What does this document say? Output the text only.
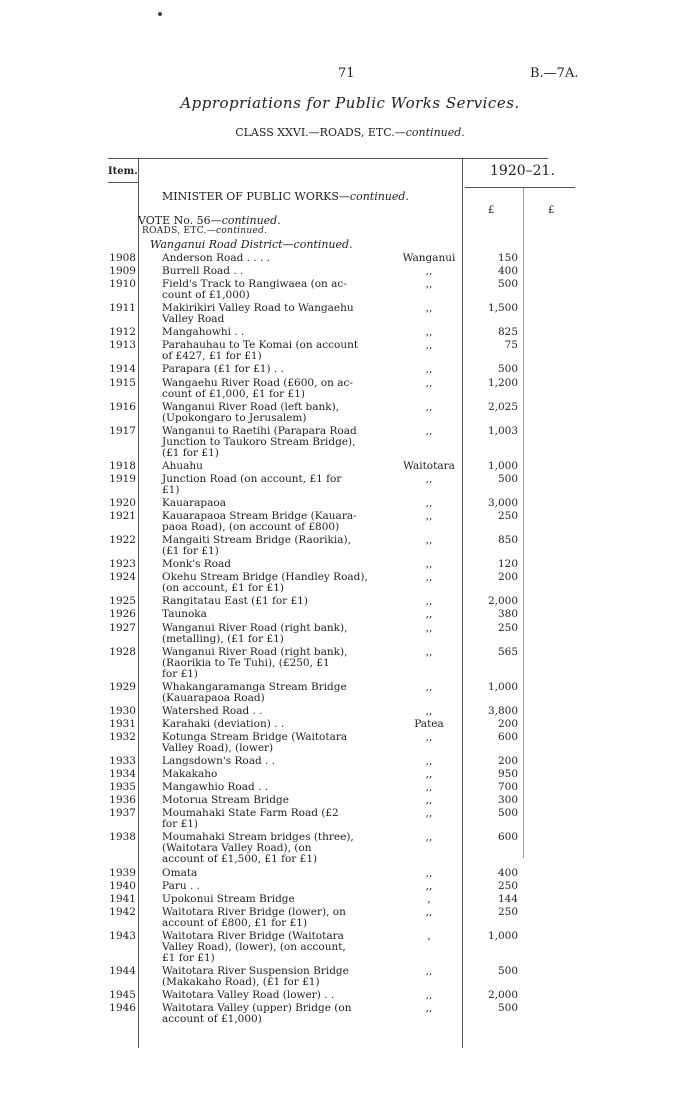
71	B.—7A.
Appropriations for Public Works Services.
CLASS XXVI.—ROADS, ETC.—continued.
Item.	1920–21.
£	£
MINISTER OF PUBLIC WORKS—continued.
VOTE No. 56—continued.
ROADS, ETC.—continued.
Wanganui Road District—continued.
1908 Anderson Road . . . .	Wanganui	150
1909 Burrell Road . .	,,	400
1910 Field's Track to Rangiwaea (on ac-
count of £1,000)
,,	500
1911 Makirikiri Valley Road to Wangaehu
Valley Road
,,	1,500
1912 Mangahowhi . .	,,	825
1913 Parahauhau to Te Komai (on account
of £427, £1 for £1)
,,	75
1914 Parapara (£1 for £1) . .	,,	500
1915 Wangaehu River Road (£600, on ac-
count of £1,000, £1 for £1)
,,	1,200
1916 Wanganui River Road (left bank),
(Upokongaro to Jerusalem)
,,	2,025
1917 Wanganui to Raetihi (Parapara Road
Junction to Taukoro Stream Bridge),
(£1 for £1)
,,	1,003
1918 Ahuahu	Waitotara	1,000
1919 Junction Road (on account, £1 for
£1)
,,	500
1920 Kauarapaoa	,,	3,000
1921 Kauarapaoa Stream Bridge (Kauara-
paoa Road), (on account of £800)
,,	250
1922 Mangaiti Stream Bridge (Raorikia),
(£1 for £1)
,,	850
1923 Monk's Road	,,	120
1924 Okehu Stream Bridge (Handley Road),
(on account, £1 for £1)
,,	200
1925 Rangitatau East (£1 for £1)	,,	2,000
1926 Taunoka	,,	380
1927 Wanganui River Road (right bank),
(metalling), (£1 for £1)
,,	250
1928 Wanganui River Road (right bank),
(Raorikia to Te Tuhi), (£250, £1
for £1)
,,	565
1929 Whakangaramanga Stream Bridge
(Kauarapaoa Road)
,,	1,000
1930 Watershed Road . .	,,	3,800
1931 Karahaki (deviation) . .	Patea	200
1932 Kotunga Stream Bridge (Waitotara
Valley Road), (lower)
,,	600
1933 Langsdown's Road . .	,,	200
1934 Makakaho	,,	950
1935 Mangawhio Road . .	,,	700
1936 Motorua Stream Bridge	,,	300
1937 Moumahaki State Farm Road (£2
for £1)
,,	500
1938 Moumahaki Stream bridges (three),
(Waitotara Valley Road), (on
account of £1,500, £1 for £1)
,,	600
1939 Omata	,,	400
1940 Paru . .	,,	250
1941 Upokonui Stream Bridge	,	144
1942 Waitotara River Bridge (lower), on
account of £800, £1 for £1)
,,	250
1943 Waitotara River Bridge (Waitotara
Valley Road), (lower), (on account,
£1 for £1)
,	1,000
1944 Waitotara River Suspension Bridge
(Makakaho Road), (£1 for £1)
,,	500
1945 Waitotara Valley Road (lower) . .	,,	2,000
1946 Waitotara Valley (upper) Bridge (on
account of £1,000)
,,	500
